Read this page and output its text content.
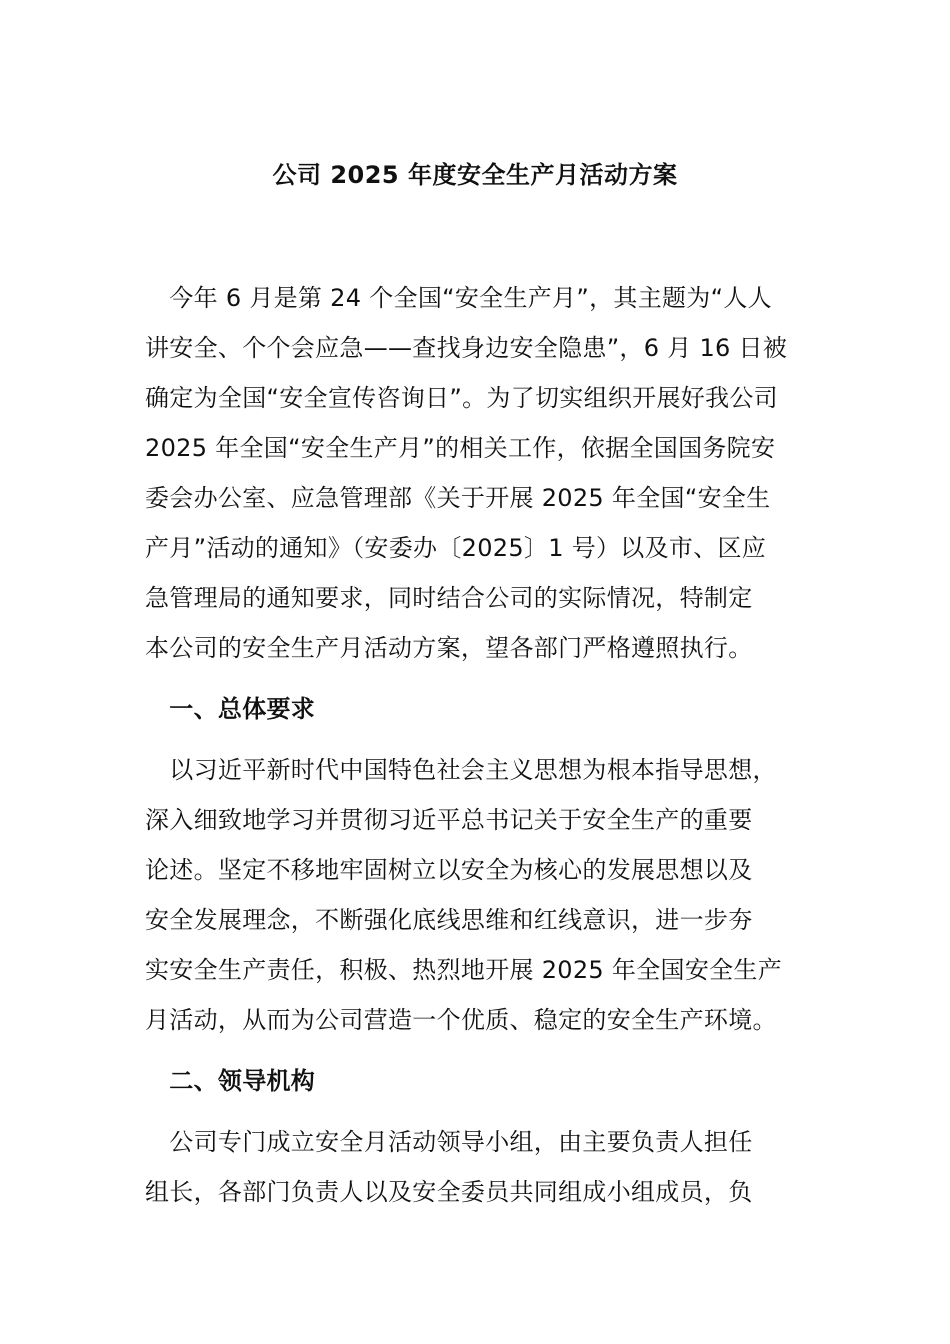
公司 2025 年度安全生产月活动方案
　今年 6 月是第 24 个全国“安全生产月”，其主题为“人人
讲安全、个个会应急——查找身边安全隐患”，6 月 16 日被
确定为全国“安全宣传咨询日”。为了切实组织开展好我公司
2025 年全国“安全生产月”的相关工作，依据全国国务院安
委会办公室、应急管理部《关于开展 2025 年全国“安全生
产月”活动的通知》（安委办〔2025〕1 号）以及市、区应
急管理局的通知要求，同时结合公司的实际情况，特制定
本公司的安全生产月活动方案，望各部门严格遵照执行。
　一、总体要求
　以习近平新时代中国特色社会主义思想为根本指导思想，
深入细致地学习并贯彻习近平总书记关于安全生产的重要
论述。坚定不移地牢固树立以安全为核心的发展思想以及
安全发展理念，不断强化底线思维和红线意识，进一步夯
实安全生产责任，积极、热烈地开展 2025 年全国安全生产
月活动，从而为公司营造一个优质、稳定的安全生产环境。
　二、领导机构
　公司专门成立安全月活动领导小组，由主要负责人担任
组长，各部门负责人以及安全委员共同组成小组成员，负
